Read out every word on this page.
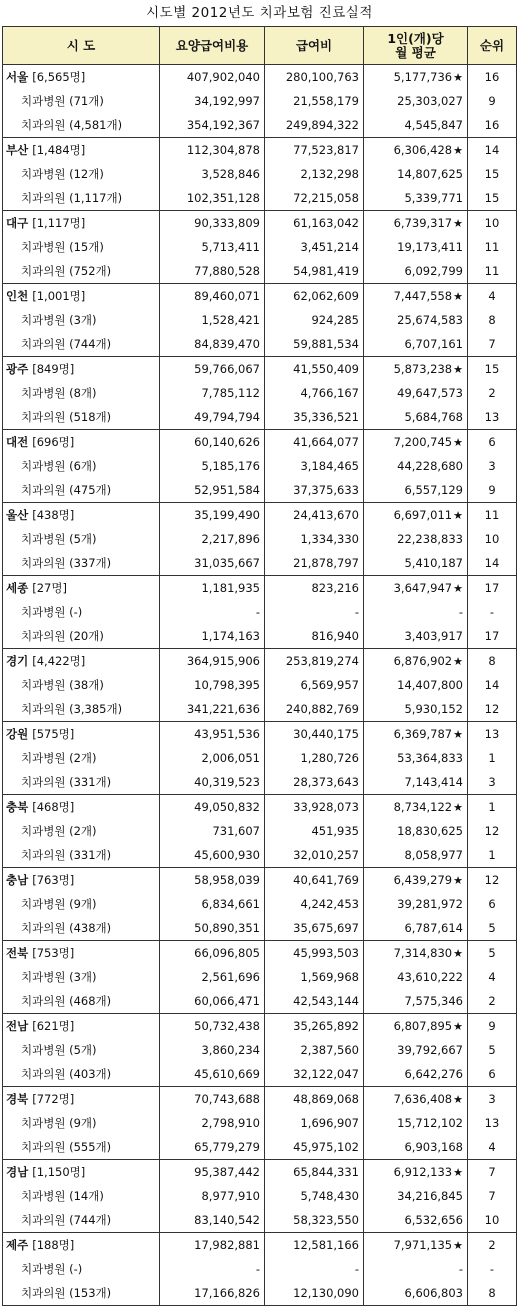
시도별 2012년도 치과보험 진료실적
시 도	요양급여비용	급여비	1인(개)당
월 평균	순위
서울 [6,565명]	407,902,040	280,100,763	5,177,736★	16
치과병원 (71개)	34,192,997	21,558,179	25,303,027	9
치과의원 (4,581개)	354,192,367	249,894,322	4,545,847	16
부산 [1,484명]	112,304,878	77,523,817	6,306,428★	14
치과병원 (12개)	3,528,846	2,132,298	14,807,625	15
치과의원 (1,117개)	102,351,128	72,215,058	5,339,771	15
대구 [1,117명]	90,333,809	61,163,042	6,739,317★	10
치과병원 (15개)	5,713,411	3,451,214	19,173,411	11
치과의원 (752개)	77,880,528	54,981,419	6,092,799	11
인천 [1,001명]	89,460,071	62,062,609	7,447,558★	4
치과병원 (3개)	1,528,421	924,285	25,674,583	8
치과의원 (744개)	84,839,470	59,881,534	6,707,161	7
광주 [849명]	59,766,067	41,550,409	5,873,238★	15
치과병원 (8개)	7,785,112	4,766,167	49,647,573	2
치과의원 (518개)	49,794,794	35,336,521	5,684,768	13
대전 [696명]	60,140,626	41,664,077	7,200,745★	6
치과병원 (6개)	5,185,176	3,184,465	44,228,680	3
치과의원 (475개)	52,951,584	37,375,633	6,557,129	9
울산 [438명]	35,199,490	24,413,670	6,697,011★	11
치과병원 (5개)	2,217,896	1,334,330	22,238,833	10
치과의원 (337개)	31,035,667	21,878,797	5,410,187	14
세종 [27명]	1,181,935	823,216	3,647,947★	17
치과병원 (-)	-	-	-	-
치과의원 (20개)	1,174,163	816,940	3,403,917	17
경기 [4,422명]	364,915,906	253,819,274	6,876,902★	8
치과병원 (38개)	10,798,395	6,569,957	14,407,800	14
치과의원 (3,385개)	341,221,636	240,882,769	5,930,152	12
강원 [575명]	43,951,536	30,440,175	6,369,787★	13
치과병원 (2개)	2,006,051	1,280,726	53,364,833	1
치과의원 (331개)	40,319,523	28,373,643	7,143,414	3
충북 [468명]	49,050,832	33,928,073	8,734,122★	1
치과병원 (2개)	731,607	451,935	18,830,625	12
치과의원 (331개)	45,600,930	32,010,257	8,058,977	1
충남 [763명]	58,958,039	40,641,769	6,439,279★	12
치과병원 (9개)	6,834,661	4,242,453	39,281,972	6
치과의원 (438개)	50,890,351	35,675,697	6,787,614	5
전북 [753명]	66,096,805	45,993,503	7,314,830★	5
치과병원 (3개)	2,561,696	1,569,968	43,610,222	4
치과의원 (468개)	60,066,471	42,543,144	7,575,346	2
전남 [621명]	50,732,438	35,265,892	6,807,895★	9
치과병원 (5개)	3,860,234	2,387,560	39,792,667	5
치과의원 (403개)	45,610,669	32,122,047	6,642,276	6
경북 [772명]	70,743,688	48,869,068	7,636,408★	3
치과병원 (9개)	2,798,910	1,696,907	15,712,102	13
치과의원 (555개)	65,779,279	45,975,102	6,903,168	4
경남 [1,150명]	95,387,442	65,844,331	6,912,133★	7
치과병원 (14개)	8,977,910	5,748,430	34,216,845	7
치과의원 (744개)	83,140,542	58,323,550	6,532,656	10
제주 [188명]	17,982,881	12,581,166	7,971,135★	2
치과병원 (-)	-	-	-	-
치과의원 (153개)	17,166,826	12,130,090	6,606,803	8
